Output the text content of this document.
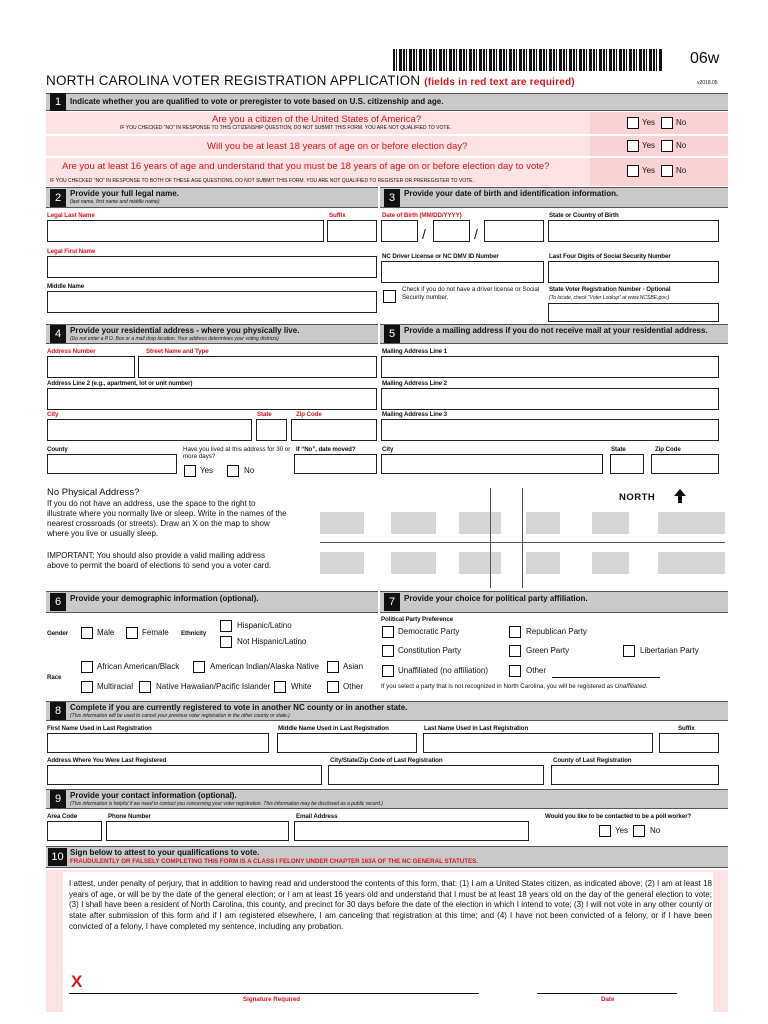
06w
NORTH CAROLINA VOTER REGISTRATION APPLICATION (fields in red text are required)	v2018.05
1	Indicate whether you are qualified to vote or preregister to vote based on U.S. citizenship and age.
Are you a citizen of the United States of America?
IF YOU CHECKED “NO” IN RESPONSE TO THIS CITIZENSHIP QUESTION, DO NOT SUBMIT THIS FORM. YOU ARE NOT QUALIFIED TO VOTE.
Yes	No
Will you be at least 18 years of age on or before election day?	Yes	No
Are you at least 16 years of age and understand that you must be 18 years of age on or before election day to vote?
IF YOU CHECKED “NO” IN RESPONSE TO BOTH OF THESE AGE QUESTIONS, DO NOT SUBMIT THIS FORM. YOU ARE NOT QUALIFIED TO REGISTER OR PREREGISTER TO VOTE.
Yes	No
2	Provide your full legal name.
(last name, first name and middle name)
Legal Last Name	Suffix
Legal First Name
Middle Name
3	Provide your date of birth and identification information.
Date of Birth (MM/DD/YYYY)
/	/
State or Country of Birth
NC Driver License or NC DMV ID Number	Last Four Digits of Social Security Number
Check if you do not have a driver license or Social Security number.
State Voter Registration Number - Optional
(To locate, check “Voter Lookup” at www.NCSBE.gov.)
4	Provide your residential address - where you physically live.
(Do not enter a P.O. Box or a mail drop location. Your address determines your voting districts)
Address Number	Street Name and Type
Address Line 2 (e.g., apartment, lot or unit number)
City	State	Zip Code
County	Have you lived at this address for 30 or more days?
Yes	No
If “No”, date moved?
5	Provide a mailing address if you do not receive mail at your residential address.
Mailing Address Line 1
Mailing Address Line 2
Mailing Address Line 3
City	State	Zip Code
No Physical Address?
If you do not have an address, use the space to the right to illustrate where you normally live or sleep. Write in the names of the nearest crossroads (or streets). Draw an X on the map to show where you live or usually sleep.
IMPORTANT: You should also provide a valid mailing address above to permit the board of elections to send you a voter card.
NORTH
6	Provide your demographic information (optional).
Gender	Male	Female Ethnicity
Hispanic/Latino
Not Hispanic/Latino
Race
African American/Black	American Indian/Alaska Native	Asian
Multiracial	Native Hawaiian/Pacific Islander	White	Other
7	Provide your choice for political party affiliation.
Political Party Preference
Democratic Party	Republican Party
Constitution Party	Green Party	Libertarian Party
Unaffiliated (no affiliation)	Other
If you select a party that is not recognized in North Carolina, you will be registered as Unaffiliated.
8	Complete if you are currently registered to vote in another NC county or in another state.
(This information will be used to cancel your previous voter registration in the other county or state.)
First Name Used in Last Registration	Middle Name Used in Last Registration	Last Name Used in Last Registration	Suffix
Address Where You Were Last Registered	City/State/Zip Code of Last Registration	County of Last Registration
9	Provide your contact information (optional).
(This information is helpful if we need to contact you concerning your voter registration. This information may be disclosed as a public record.)
Area Code	Phone Number	Email Address	Would you like to be contacted to be a poll worker?
Yes	No
10 Sign below to attest to your qualifications to vote.
FRAUDULENTLY OR FALSELY COMPLETING THIS FORM IS A CLASS I FELONY UNDER CHAPTER 163A OF THE NC GENERAL STATUTES.
I attest, under penalty of perjury, that in addition to having read and understood the contents of this form, that: (1) I am a United States citizen, as indicated above; (2) I am at least 18 years of age, or will be by the date of the general election; or I am at least 16 years old and understand that I must be at least 18 years old on the day of the general election to vote; (3) I shall have been a resident of North Carolina, this county, and precinct for 30 days before the date of the election in which I intend to vote; (3) I will not vote in any other county or state after submission of this form and if I am registered elsewhere, I am canceling that registration at this time; and (4) I have not been convicted of a felony, or if I have been convicted of a felony, I have completed my sentence, including any probation.
X
Signature Required	Date
